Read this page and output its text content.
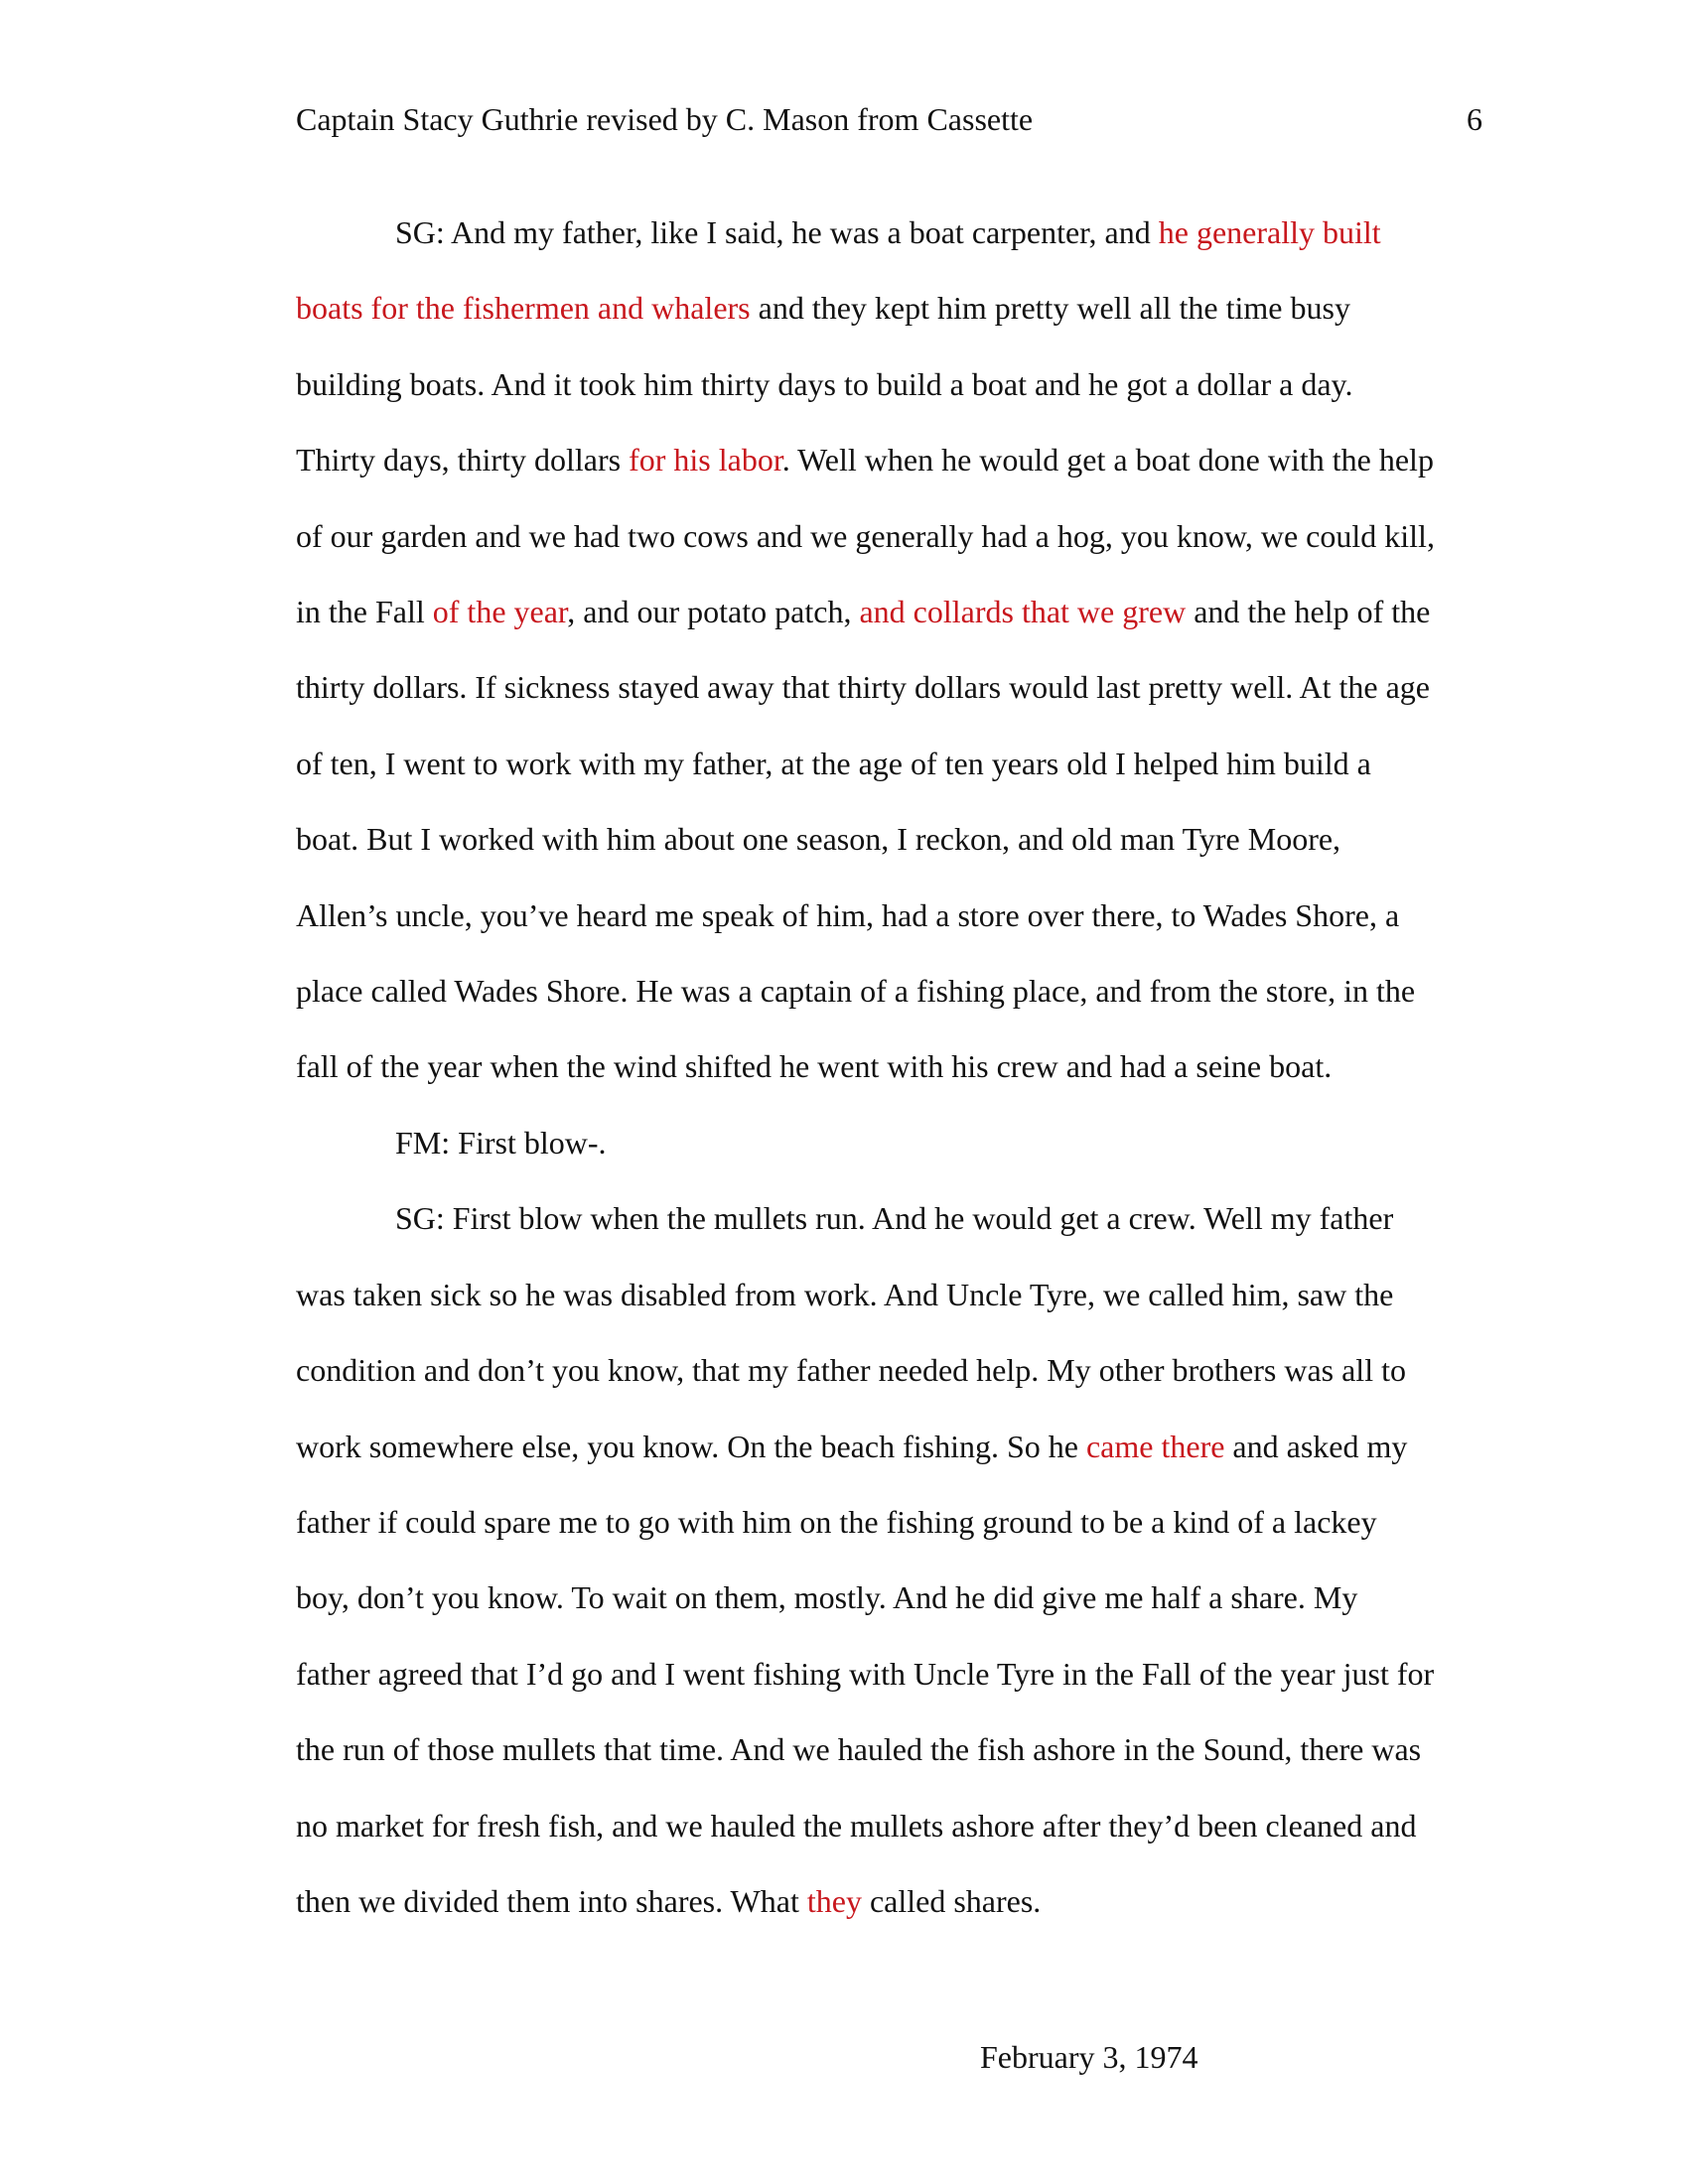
Captain Stacy Guthrie revised by C. Mason from Cassette	6
SG: And my father, like I said, he was a boat carpenter, and he generally built
boats for the fishermen and whalers and they kept him pretty well all the time busy
building boats. And it took him thirty days to build a boat and he got a dollar a day.
Thirty days, thirty dollars for his labor. Well when he would get a boat done with the help
of our garden and we had two cows and we generally had a hog, you know, we could kill,
in the Fall of the year, and our potato patch, and collards that we grew and the help of the
thirty dollars. If sickness stayed away that thirty dollars would last pretty well. At the age
of ten, I went to work with my father, at the age of ten years old I helped him build a
boat. But I worked with him about one season, I reckon, and old man Tyre Moore,
Allen’s uncle, you’ve heard me speak of him, had a store over there, to Wades Shore, a
place called Wades Shore. He was a captain of a fishing place, and from the store, in the
fall of the year when the wind shifted he went with his crew and had a seine boat.
FM: First blow-.
SG: First blow when the mullets run. And he would get a crew. Well my father
was taken sick so he was disabled from work. And Uncle Tyre, we called him, saw the
condition and don’t you know, that my father needed help. My other brothers was all to
work somewhere else, you know. On the beach fishing. So he came there and asked my
father if could spare me to go with him on the fishing ground to be a kind of a lackey
boy, don’t you know. To wait on them, mostly. And he did give me half a share. My
father agreed that I’d go and I went fishing with Uncle Tyre in the Fall of the year just for
the run of those mullets that time. And we hauled the fish ashore in the Sound, there was
no market for fresh fish, and we hauled the mullets ashore after they’d been cleaned and
then we divided them into shares. What they called shares.
February 3, 1974
